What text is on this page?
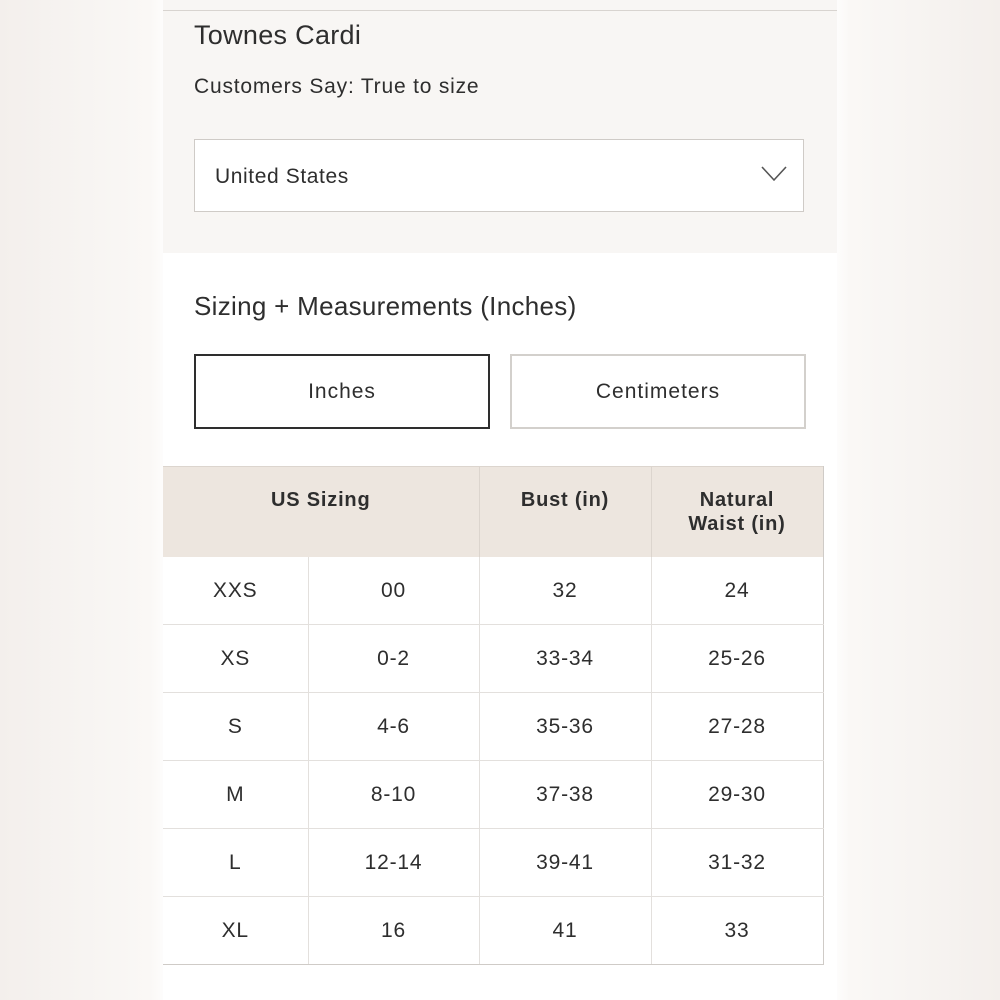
Townes Cardi
Customers Say: True to size
United States
Sizing + Measurements (Inches)
Inches	Centimeters
US Sizing		Bust (in)	Natural Waist (in)
XXS	00	32	24
XS	0-2	33-34	25-26
S	4-6	35-36	27-28
M	8-10	37-38	29-30
L	12-14	39-41	31-32
XL	16	41	33
